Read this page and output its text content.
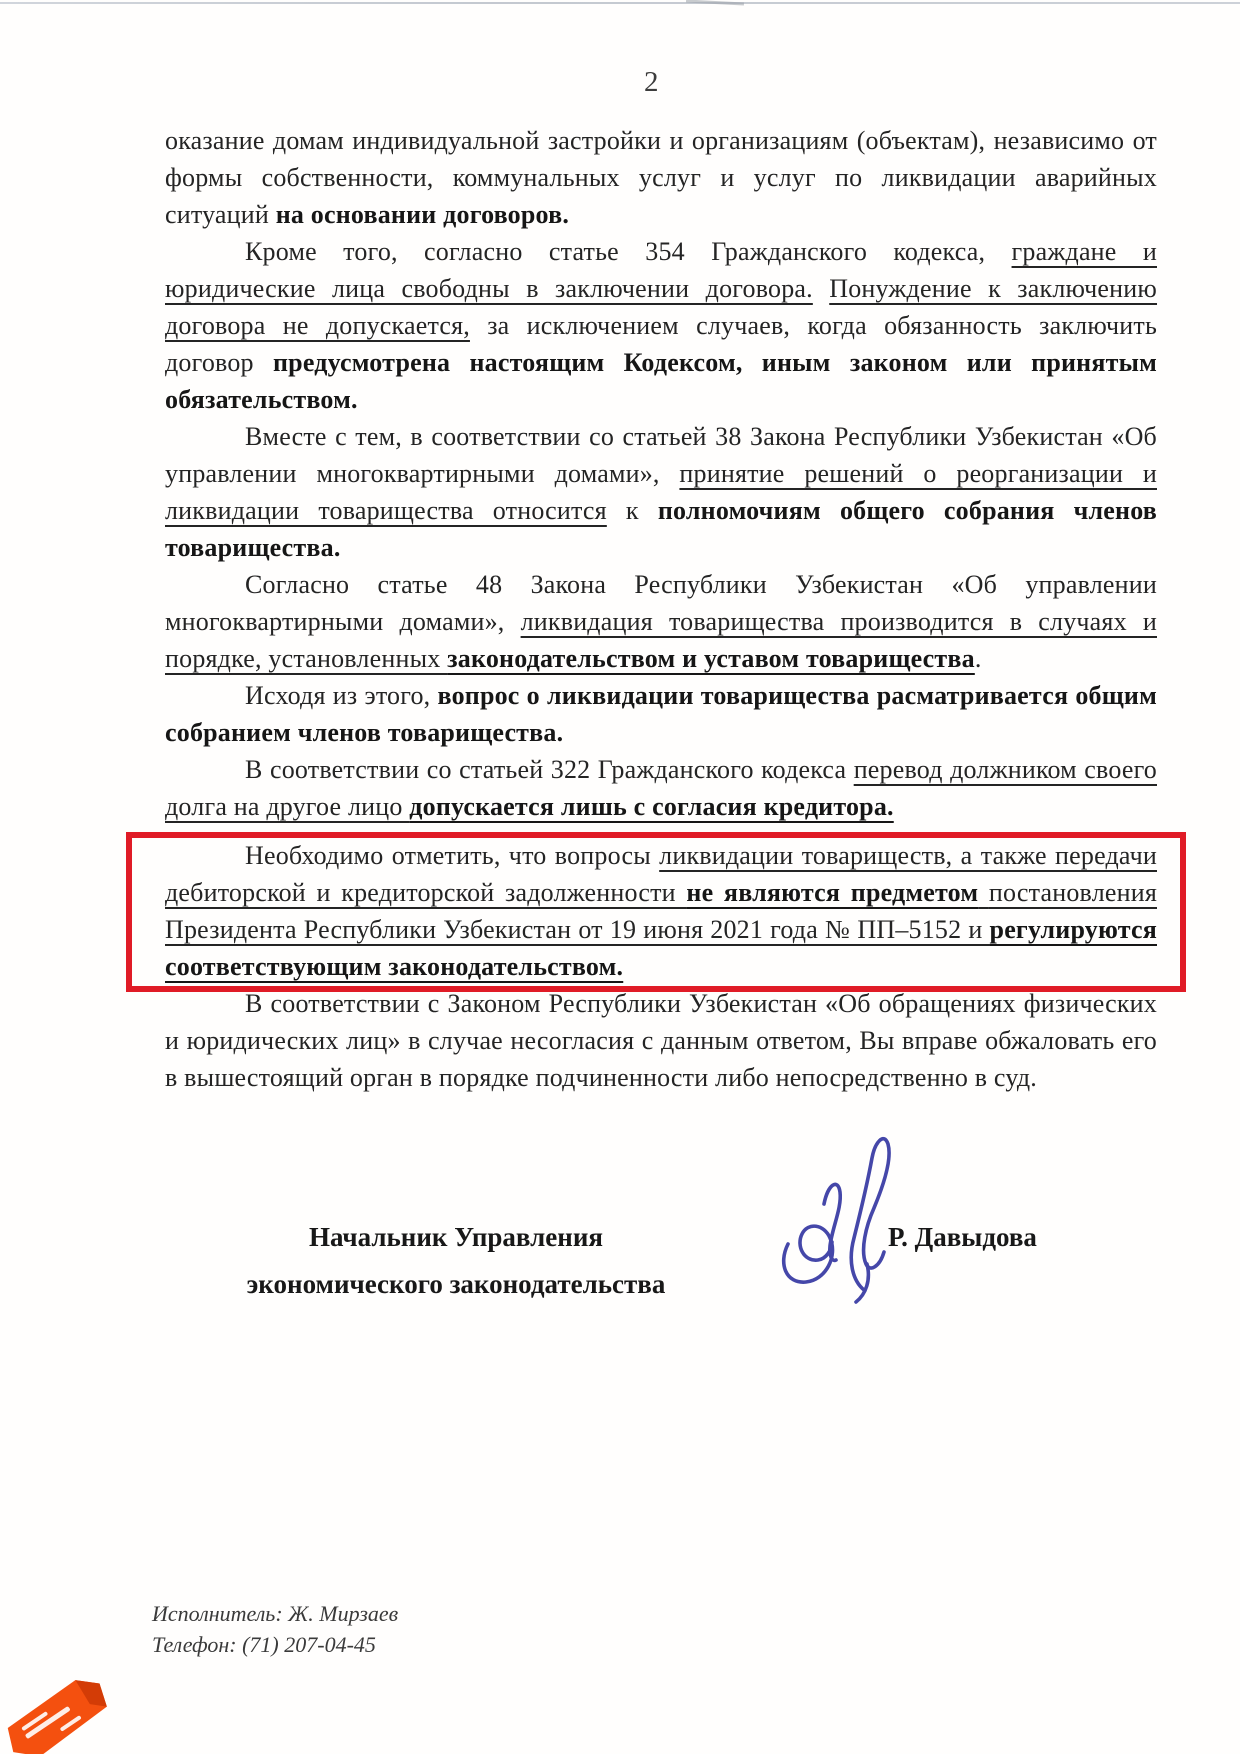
2

оказание домам индивидуальной застройки и организациям (объектам), независимо от формы собственности, коммунальных услуг и услуг по ликвидации аварийных ситуаций на основании договоров.

Кроме того, согласно статье 354 Гражданского кодекса, граждане и юридические лица свободны в заключении договора. Понуждение к заключению договора не допускается, за исключением случаев, когда обязанность заключить договор предусмотрена настоящим Кодексом, иным законом или принятым обязательством.

Вместе с тем, в соответствии со статьей 38 Закона Республики Узбекистан «Об управлении многоквартирными домами», принятие решений о реорганизации и ликвидации товарищества относится к полномочиям общего собрания членов товарищества.

Согласно статье 48 Закона Республики Узбекистан «Об управлении многоквартирными домами», ликвидация товарищества производится в случаях и порядке, установленных законодательством и уставом товарищества.

Исходя из этого, вопрос о ликвидации товарищества расматривается общим собранием членов товарищества.

В соответствии со статьей 322 Гражданского кодекса перевод должником своего долга на другое лицо допускается лишь с согласия кредитора.

Необходимо отметить, что вопросы ликвидации товариществ, а также передачи дебиторской и кредиторской задолженности не являются предметом постановления Президента Республики Узбекистан от 19 июня 2021 года № ПП–5152 и регулируются соответствующим законодательством.

В соответствии с Законом Республики Узбекистан «Об обращениях физических и юридических лиц» в случае несогласия с данным ответом, Вы вправе обжаловать его в вышестоящий орган в порядке подчиненности либо непосредственно в суд.

Начальник Управления
экономического законодательства
Р. Давыдова
Исполнитель: Ж. Мирзаев
Телефон: (71) 207-04-45
